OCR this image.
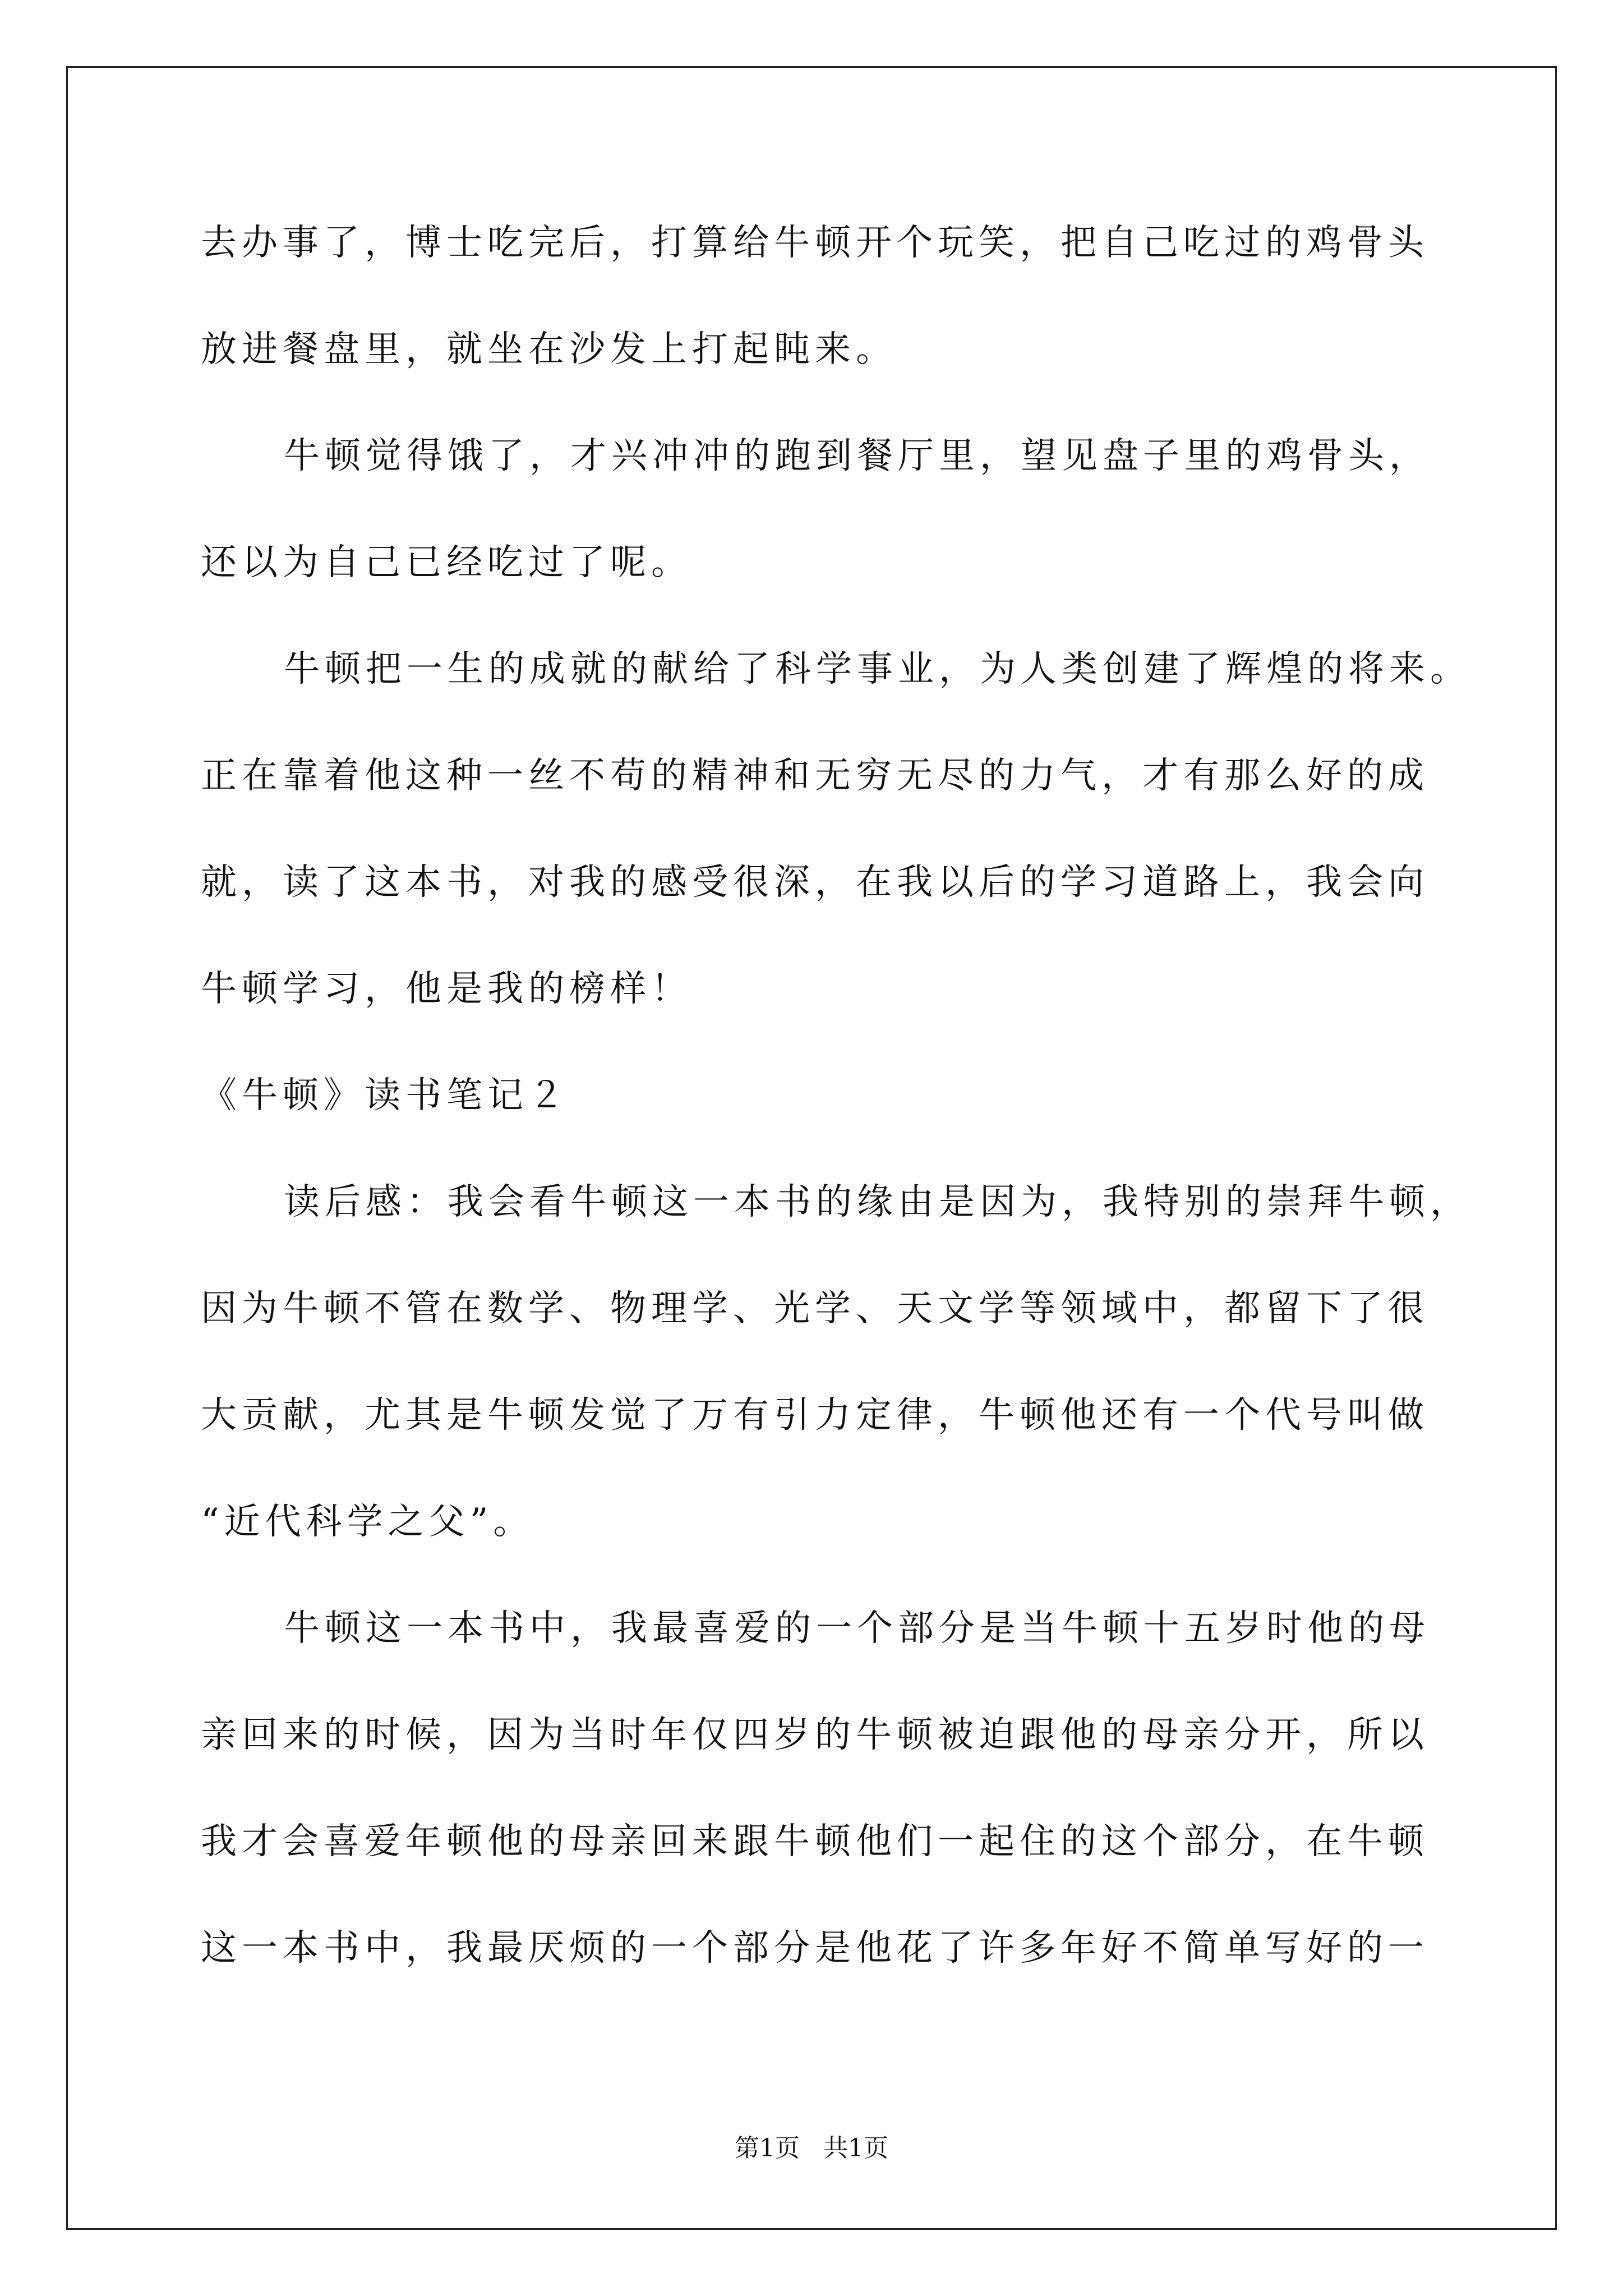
去办事了，博士吃完后，打算给牛顿开个玩笑，把自己吃过的鸡骨头
放进餐盘里，就坐在沙发上打起盹来。
牛顿觉得饿了，才兴冲冲的跑到餐厅里，望见盘子里的鸡骨头，
还以为自己已经吃过了呢。
牛顿把一生的成就的献给了科学事业，为人类创建了辉煌的将来。
正在靠着他这种一丝不苟的精神和无穷无尽的力气，才有那么好的成
就，读了这本书，对我的感受很深，在我以后的学习道路上，我会向
牛顿学习，他是我的榜样！
《牛顿》读书笔记２
读后感：我会看牛顿这一本书的缘由是因为，我特别的崇拜牛顿，
因为牛顿不管在数学、物理学、光学、天文学等领域中，都留下了很
大贡献，尤其是牛顿发觉了万有引力定律，牛顿他还有一个代号叫做
“近代科学之父”。
牛顿这一本书中，我最喜爱的一个部分是当牛顿十五岁时他的母
亲回来的时候，因为当时年仅四岁的牛顿被迫跟他的母亲分开，所以
我才会喜爱年顿他的母亲回来跟牛顿他们一起住的这个部分，在牛顿
这一本书中，我最厌烦的一个部分是他花了许多年好不简单写好的一
第1页   共1页
